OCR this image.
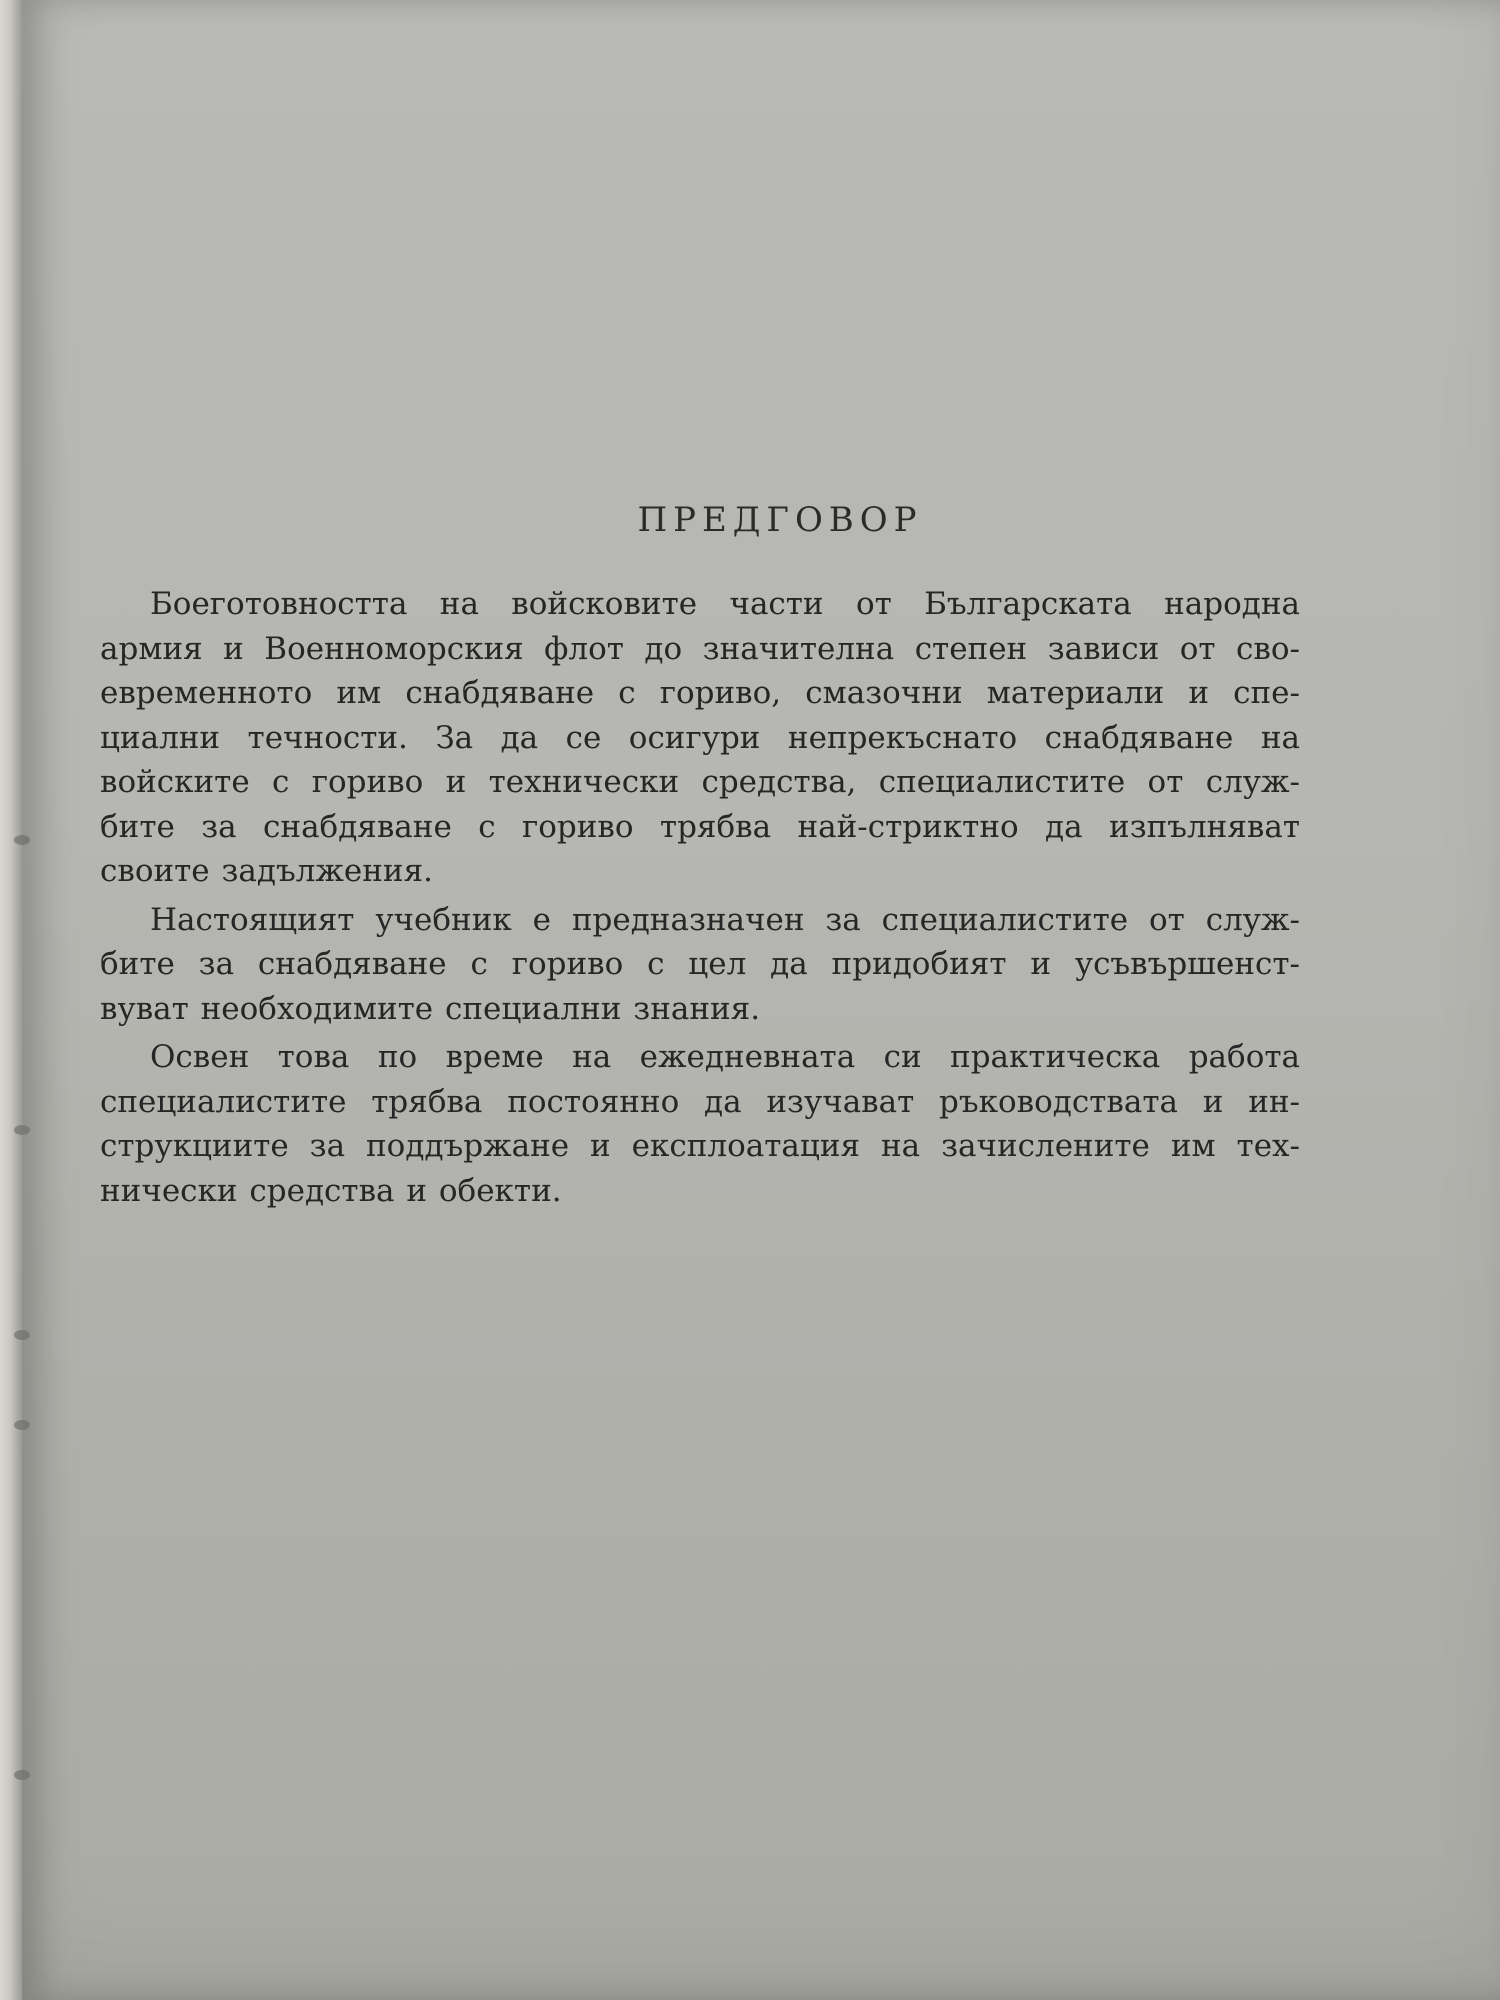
ПРЕДГОВОР
Боеготовността на войсковите части от Българската народна
армия и Военноморския флот до значителна степен зависи от сво-
евременното им снабдяване с гориво, смазочни материали и спе-
циални течности. За да се осигури непрекъснато снабдяване на
войските с гориво и технически средства, специалистите от служ-
бите за снабдяване с гориво трябва най-стриктно да изпълняват
своите задължения.
Настоящият учебник е предназначен за специалистите от служ-
бите за снабдяване с гориво с цел да придобият и усъвършенст-
вуват необходимите специални знания.
Освен това по време на ежедневната си практическа работа
специалистите трябва постоянно да изучават ръководствата и ин-
струкциите за поддържане и експлоатация на зачислените им тех-
нически средства и обекти.
